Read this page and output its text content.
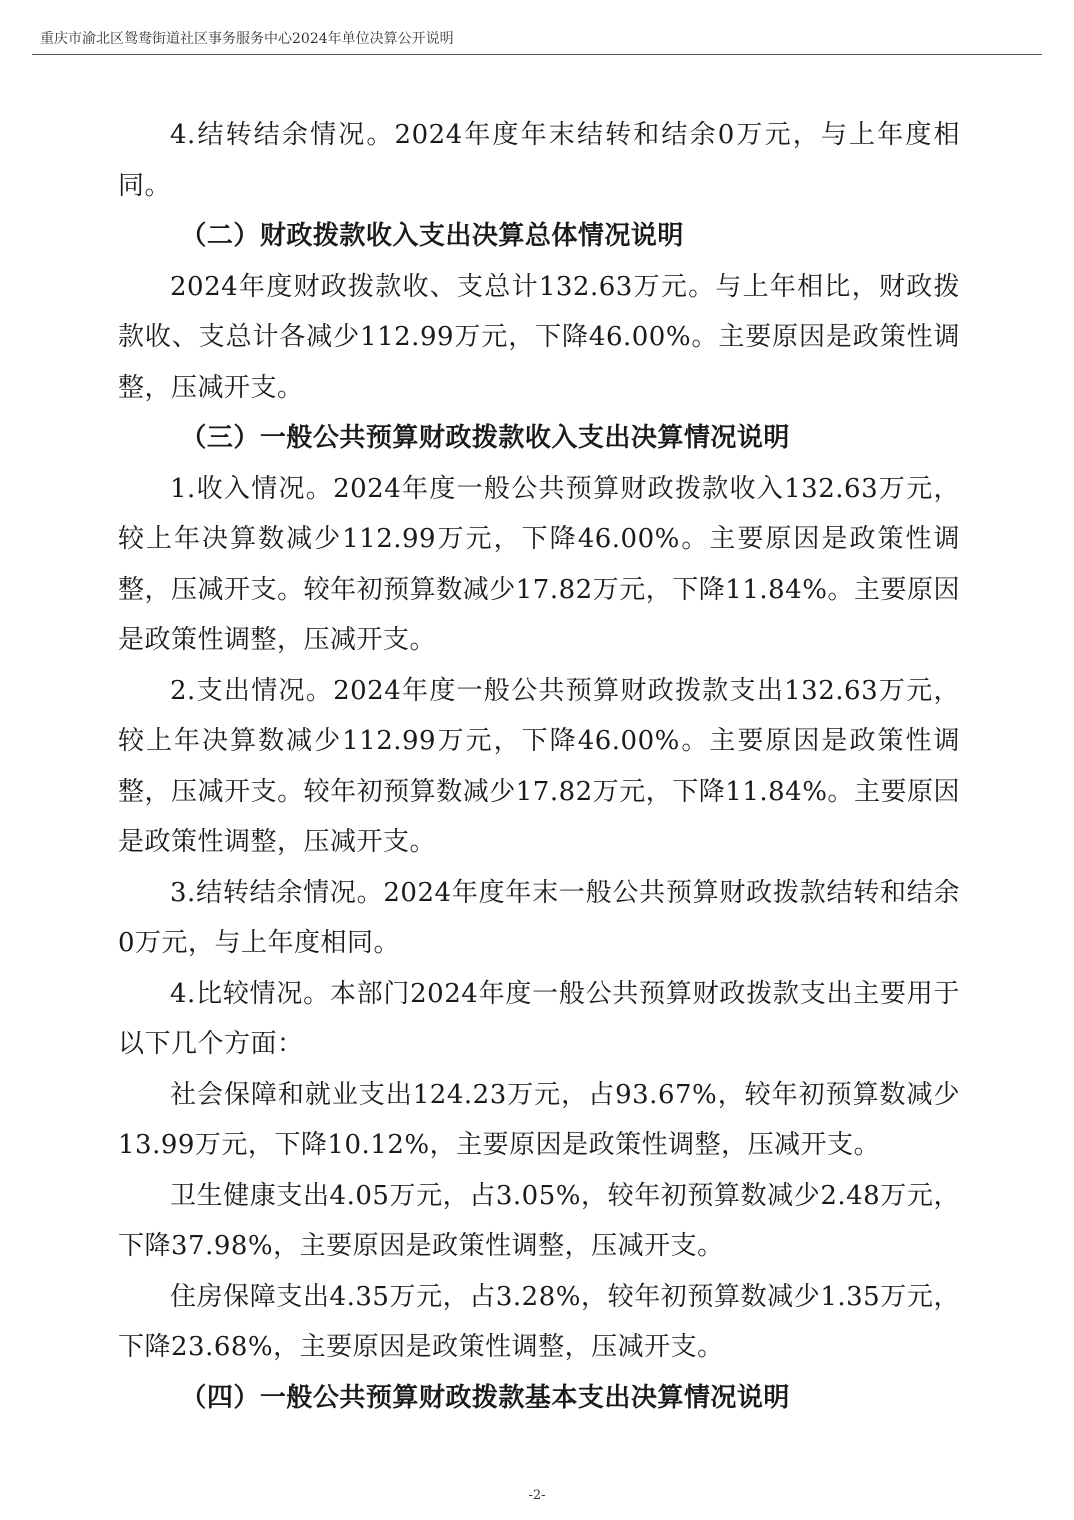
重庆市渝北区鸳鸯街道社区事务服务中心2024年单位决算公开说明

4.结转结余情况。2024年度年末结转和结余0万元，与上年度相同。

（二）财政拨款收入支出决算总体情况说明

2024年度财政拨款收、支总计132.63万元。与上年相比，财政拨款收、支总计各减少112.99万元，下降46.00%。主要原因是政策性调整，压减开支。

（三）一般公共预算财政拨款收入支出决算情况说明

1.收入情况。2024年度一般公共预算财政拨款收入132.63万元，较上年决算数减少112.99万元，下降46.00%。主要原因是政策性调整，压减开支。较年初预算数减少17.82万元，下降11.84%。主要原因是政策性调整，压减开支。

2.支出情况。2024年度一般公共预算财政拨款支出132.63万元，较上年决算数减少112.99万元，下降46.00%。主要原因是政策性调整，压减开支。较年初预算数减少17.82万元，下降11.84%。主要原因是政策性调整，压减开支。

3.结转结余情况。2024年度年末一般公共预算财政拨款结转和结余0万元，与上年度相同。

4.比较情况。本部门2024年度一般公共预算财政拨款支出主要用于以下几个方面：

社会保障和就业支出124.23万元，占93.67%，较年初预算数减少13.99万元，下降10.12%，主要原因是政策性调整，压减开支。

卫生健康支出4.05万元，占3.05%，较年初预算数减少2.48万元，下降37.98%，主要原因是政策性调整，压减开支。

住房保障支出4.35万元，占3.28%，较年初预算数减少1.35万元，下降23.68%，主要原因是政策性调整，压减开支。

（四）一般公共预算财政拨款基本支出决算情况说明

-2-
